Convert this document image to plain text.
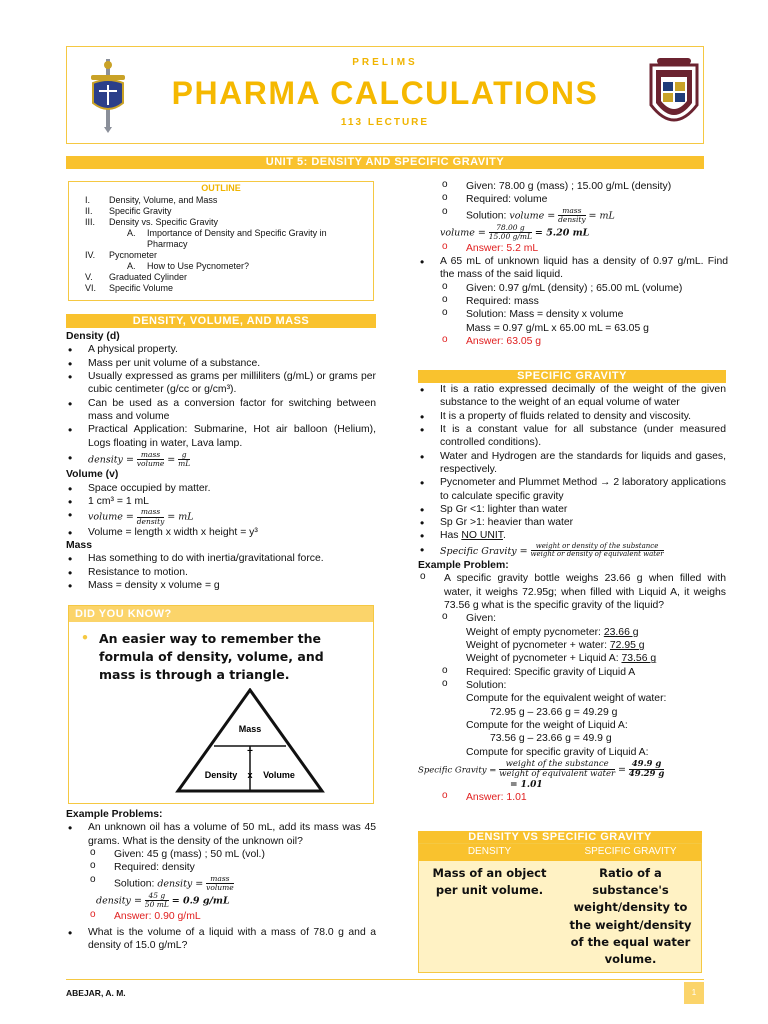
PRELIMS
PHARMA CALCULATIONS
113 LECTURE
UNIT 5: DENSITY AND SPECIFIC GRAVITY
OUTLINE
I. Density, Volume, and Mass
II. Specific Gravity
III. Density vs. Specific Gravity
A. Importance of Density and Specific Gravity in
Pharmacy
IV. Pycnometer
A. How to Use Pycnometer?
V. Graduated Cylinder
VI. Specific Volume
DENSITY, VOLUME, AND MASS
Density (d)
• A physical property.
• Mass per unit volume of a substance.
• Usually expressed as grams per milliliters (g/mL) or grams per cubic centimeter (g/cc or g/cm³).
• Can be used as a conversion factor for switching between mass and volume
• Practical Application: Submarine, Hot air balloon (Helium), Logs floating in water, Lava lamp.
• density = $\frac{\text{mass}}{\text{volume}} = \frac{g}{mL}$
Volume (v)
• Space occupied by matter.
• 1 cm³ = 1 mL
• volume = $\frac{\text{mass}}{\text{density}}$ = mL
• Volume = length x width x height = y³
Mass
• Has something to do with inertia/gravitational force.
• Resistance to motion.
• Mass = density x volume = g
DID YOU KNOW?
• An easier way to remember the formula of density, volume, and mass is through a triangle.
Mass
÷
Density x Volume
Example Problems:
• An unknown oil has a volume of 50 mL, add its mass was 45 grams. What is the density of the unknown oil?
o Given: 45 g (mass) ; 50 mL (vol.)
o Required: density
o Solution: density = $\frac{\text{mass}}{\text{volume}}$
density = $\frac{45 g}{50 mL} = 0.9$ g/mL
o Answer: 0.90 g/mL
• What is the volume of a liquid with a mass of 78.0 g and a density of 15.0 g/mL?
o Given: 78.00 g (mass) ; 15.00 g/mL (density)
o Required: volume
o Solution: volume = $\frac{\text{mass}}{\text{density}}$ = mL
volume = $\frac{78.00 g}{15.00 g/mL} = 5.20$ mL
o Answer: 5.2 mL
• A 65 mL of unknown liquid has a density of 0.97 g/mL. Find the mass of the said liquid.
o Given: 0.97 g/mL (density) ; 65.00 mL (volume)
o Required: mass
o Solution: Mass = density x volume
Mass = 0.97 g/mL x 65.00 mL = 63.05 g
o Answer: 63.05 g
SPECIFIC GRAVITY
• It is a ratio expressed decimally of the weight of the given substance to the weight of an equal volume of water
• It is a property of fluids related to density and viscosity.
• It is a constant value for all substance (under measured controlled conditions).
• Water and Hydrogen are the standards for liquids and gases, respectively.
• Pycnometer and Plummet Method → 2 laboratory applications to calculate specific gravity
• Sp Gr <1: lighter than water
• Sp Gr >1: heavier than water
• Has NO UNIT.
• Specific Gravity = $\frac{\text{weight or density of the substance}}{\text{weight or density of equivalent water}}$
Example Problem:
o A specific gravity bottle weighs 23.66 g when filled with water, it weighs 72.95g; when filled with Liquid A, it weighs 73.56 g what is the specific gravity of the liquid?
o Given:
Weight of empty pycnometer: 23.66 g
Weight of pycnometer + water: 72.95 g
Weight of pycnometer + Liquid A: 73.56 g
o Required: Specific gravity of Liquid A
o Solution:
Compute for the equivalent weight of water:
72.95 g – 23.66 g = 49.29 g
Compute for the weight of Liquid A:
73.56 g – 23.66 g = 49.9 g
Compute for specific gravity of Liquid A:
Specific Gravity = $\frac{\text{weight of the substance}}{\text{weight of equivalent water}} = \frac{49.9 g}{49.29 g}$
= 1.01
o Answer: 1.01
DENSITY VS SPECIFIC GRAVITY
DENSITY	SPECIFIC GRAVITY
Mass of an object per unit volume.	Ratio of a substance's weight/density to the weight/density of the equal water volume.
ABEJAR, A. M.	1
